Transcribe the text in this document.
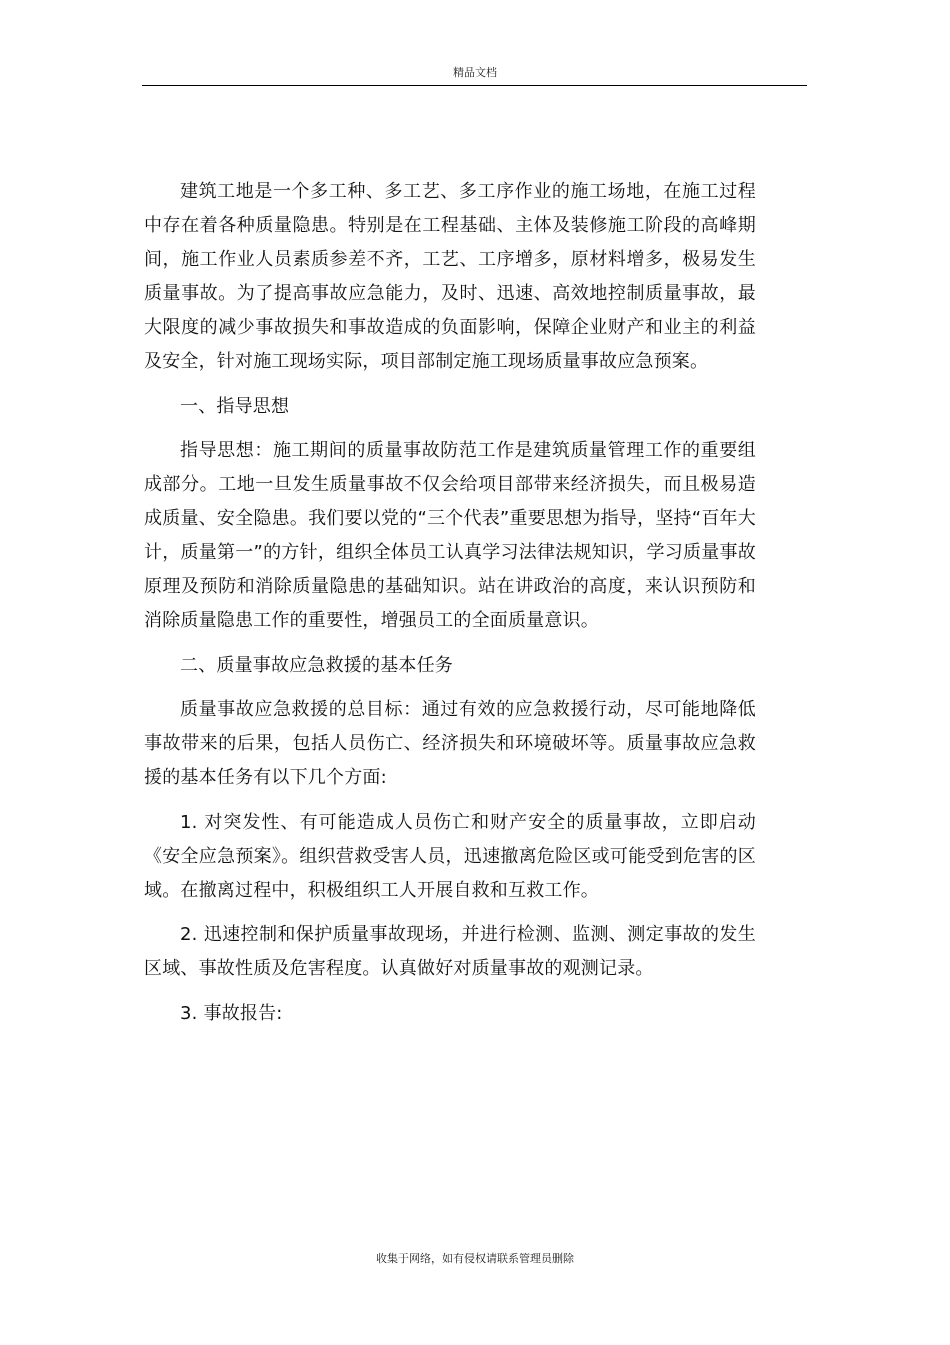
精品文档

建筑工地是一个多工种、多工艺、多工序作业的施工场地，在施工过程中存在着各种质量隐患。特别是在工程基础、主体及装修施工阶段的高峰期间，施工作业人员素质参差不齐，工艺、工序增多，原材料增多，极易发生质量事故。为了提高事故应急能力，及时、迅速、高效地控制质量事故，最大限度的减少事故损失和事故造成的负面影响，保障企业财产和业主的利益及安全，针对施工现场实际，项目部制定施工现场质量事故应急预案。

一、指导思想

指导思想：施工期间的质量事故防范工作是建筑质量管理工作的重要组成部分。工地一旦发生质量事故不仅会给项目部带来经济损失，而且极易造成质量、安全隐患。我们要以党的“三个代表”重要思想为指导，坚持“百年大计，质量第一”的方针，组织全体员工认真学习法律法规知识，学习质量事故原理及预防和消除质量隐患的基础知识。站在讲政治的高度，来认识预防和消除质量隐患工作的重要性，增强员工的全面质量意识。

二、质量事故应急救援的基本任务

质量事故应急救援的总目标：通过有效的应急救援行动，尽可能地降低事故带来的后果，包括人员伤亡、经济损失和环境破坏等。质量事故应急救援的基本任务有以下几个方面:

1. 对突发性、有可能造成人员伤亡和财产安全的质量事故，立即启动《安全应急预案》。组织营救受害人员，迅速撤离危险区或可能受到危害的区域。在撤离过程中，积极组织工人开展自救和互救工作。

2. 迅速控制和保护质量事故现场，并进行检测、监测、测定事故的发生区域、事故性质及危害程度。认真做好对质量事故的观测记录。

3. 事故报告:

收集于网络，如有侵权请联系管理员删除
